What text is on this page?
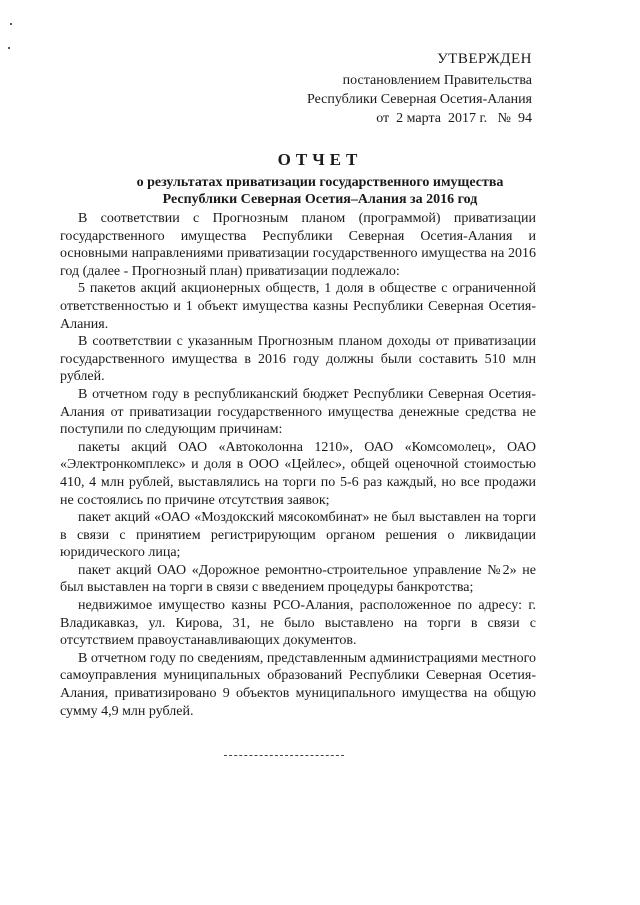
УТВЕРЖДЕН
постановлением Правительства
Республики Северная Осетия-Алания
от  2 марта  2017 г. №  94
ОТЧЕТ
о результатах приватизации государственного имущества
Республики Северная Осетия–Алания за 2016 год

В соответствии с Прогнозным планом (программой) приватизации государственного имущества Республики Северная Осетия-Алания и основными направлениями приватизации государственного имущества на 2016 год (далее - Прогнозный план) приватизации подлежало:

5 пакетов акций акционерных обществ, 1 доля в обществе с ограниченной ответственностью и 1 объект имущества казны Республики Северная Осетия-Алания.

В соответствии с указанным Прогнозным планом доходы от приватизации государственного имущества в 2016 году должны были составить 510 млн рублей.

В отчетном году в республиканский бюджет Республики Северная Осетия-Алания от приватизации государственного имущества денежные средства не поступили по следующим причинам:

пакеты акций ОАО «Автоколонна 1210», ОАО «Комсомолец», ОАО «Электронкомплекс» и доля в ООО «Цейлес», общей оценочной стоимостью 410, 4 млн рублей, выставлялись на торги по 5-6 раз каждый, но все продажи не состоялись по причине отсутствия заявок;

пакет акций «ОАО «Моздокский мясокомбинат» не был выставлен на торги в связи с принятием регистрирующим органом решения о ликвидации юридического лица;

пакет акций ОАО «Дорожное ремонтно-строительное управление №2» не был выставлен на торги в связи с введением процедуры банкротства;

недвижимое имущество казны РСО-Алания, расположенное по адресу: г. Владикавказ, ул. Кирова, 31, не было выставлено на торги в связи с отсутствием правоустанавливающих документов.

В отчетном году по сведениям, представленным администрациями местного самоуправления муниципальных образований Республики Северная Осетия-Алания, приватизировано 9 объектов муниципального имущества на общую сумму 4,9 млн рублей.
